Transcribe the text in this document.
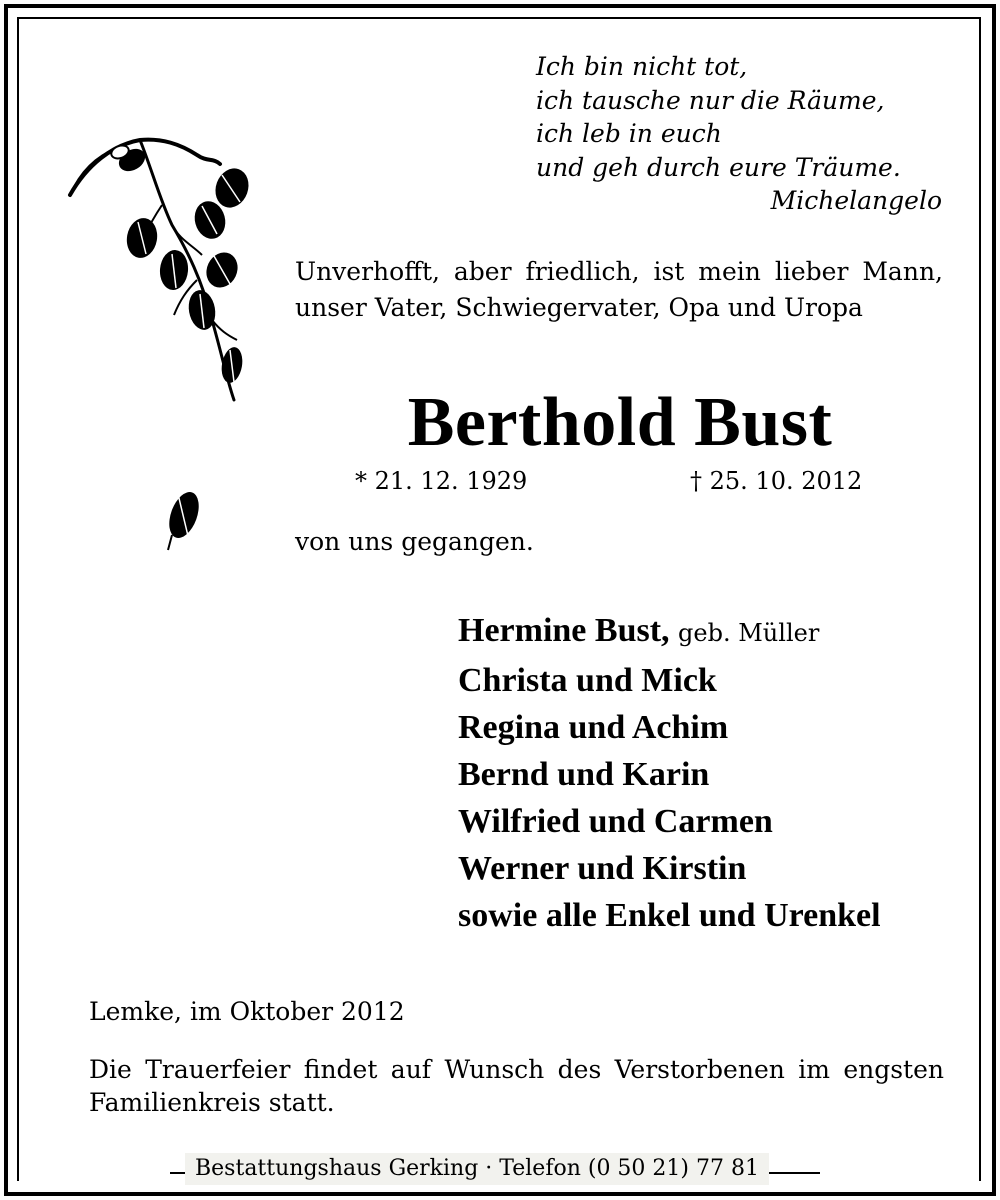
Ich bin nicht tot,
ich tausche nur die Räume,
ich leb in euch
und geh durch eure Träume.
Michelangelo
Unverhofft, aber friedlich, ist mein lieber Mann, unser Vater, Schwiegervater, Opa und Uropa
Berthold Bust
* 21. 12. 1929	† 25. 10. 2012
von uns gegangen.
Hermine Bust, geb. Müller
Christa und Mick
Regina und Achim
Bernd und Karin
Wilfried und Carmen
Werner und Kirstin
sowie alle Enkel und Urenkel
Lemke, im Oktober 2012
Die Trauerfeier findet auf Wunsch des Verstorbenen im engsten Familienkreis statt.
Bestattungshaus Gerking · Telefon (0 50 21) 77 81
